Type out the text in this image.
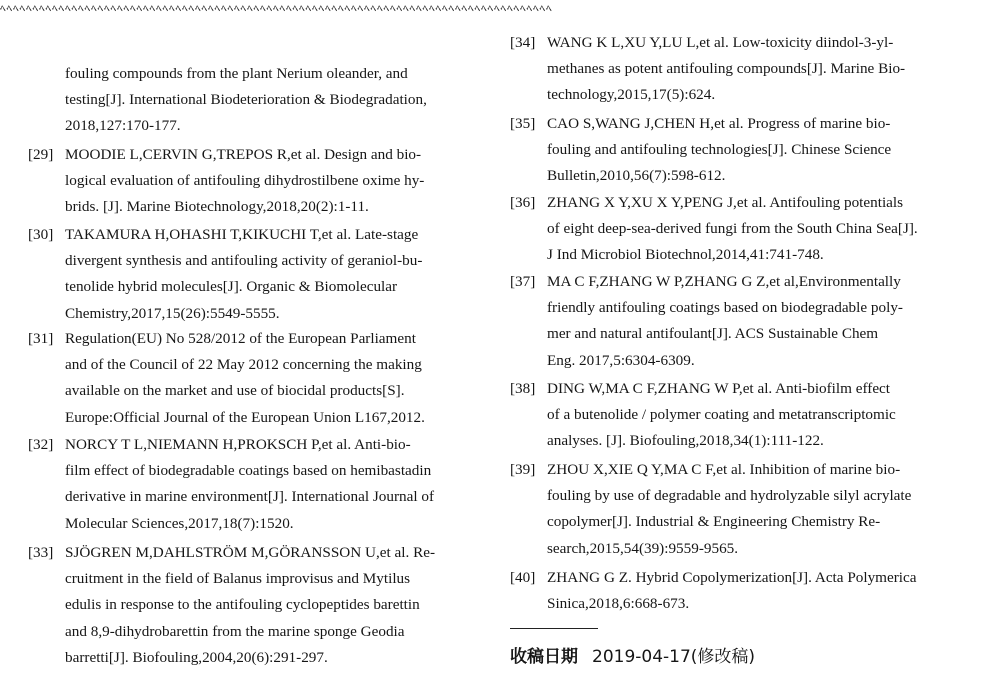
ﾍﾍﾍﾍﾍﾍﾍﾍﾍﾍﾍﾍﾍﾍﾍﾍﾍﾍﾍﾍﾍﾍﾍﾍﾍﾍﾍﾍﾍﾍﾍﾍﾍﾍﾍﾍﾍﾍﾍﾍﾍﾍﾍﾍﾍﾍﾍﾍﾍﾍﾍﾍﾍﾍﾍﾍﾍﾍﾍﾍﾍﾍﾍﾍﾍﾍﾍﾍﾍﾍﾍﾍﾍﾍﾍﾍﾍﾍﾍﾍﾍﾍﾍﾍﾍ
fouling compounds from the plant Nerium oleander, and
testing[J]. International Biodeterioration & Biodegradation,
2018,127:170-177.
[29] MOODIE L,CERVIN G,TREPOS R,et al. Design and bio-
logical evaluation of antifouling dihydrostilbene oxime hy-
brids. [J]. Marine Biotechnology,2018,20(2):1-11.
[30] TAKAMURA H,OHASHI T,KIKUCHI T,et al. Late-stage
divergent synthesis and antifouling activity of geraniol-bu-
tenolide hybrid molecules[J]. Organic & Biomolecular
Chemistry,2017,15(26):5549-5555.
[31] Regulation(EU) No 528/2012 of the European Parliament
and of the Council of 22 May 2012 concerning the making
available on the market and use of biocidal products[S].
Europe:Official Journal of the European Union L167,2012.
[32] NORCY T L,NIEMANN H,PROKSCH P,et al. Anti-bio-
film effect of biodegradable coatings based on hemibastadin
derivative in marine environment[J]. International Journal of
Molecular Sciences,2017,18(7):1520.
[33] SJÖGREN M,DAHLSTRÖM M,GÖRANSSON U,et al. Re-
cruitment in the field of Balanus improvisus and Mytilus
edulis in response to the antifouling cyclopeptides barettin
and 8,9-dihydrobarettin from the marine sponge Geodia
barretti[J]. Biofouling,2004,20(6):291-297.
[34] WANG K L,XU Y,LU L,et al. Low-toxicity diindol-3-yl-
methanes as potent antifouling compounds[J]. Marine Bio-
technology,2015,17(5):624.
[35] CAO S,WANG J,CHEN H,et al. Progress of marine bio-
fouling and antifouling technologies[J]. Chinese Science
Bulletin,2010,56(7):598-612.
[36] ZHANG X Y,XU X Y,PENG J,et al. Antifouling potentials
of eight deep-sea-derived fungi from the South China Sea[J].
J Ind Microbiol Biotechnol,2014,41:741-748.
[37] MA C F,ZHANG W P,ZHANG G Z,et al,Environmentally
friendly antifouling coatings based on biodegradable poly-
mer and natural antifoulant[J]. ACS Sustainable Chem
Eng. 2017,5:6304-6309.
[38] DING W,MA C F,ZHANG W P,et al. Anti-biofilm effect
of a butenolide / polymer coating and metatranscriptomic
analyses. [J]. Biofouling,2018,34(1):111-122.
[39] ZHOU X,XIE Q Y,MA C F,et al. Inhibition of marine bio-
fouling by use of degradable and hydrolyzable silyl acrylate
copolymer[J]. Industrial & Engineering Chemistry Re-
search,2015,54(39):9559-9565.
[40] ZHANG G Z. Hybrid Copolymerization[J]. Acta Polymerica
Sinica,2018,6:668-673.
收稿日期 2019-04-17(修改稿)
